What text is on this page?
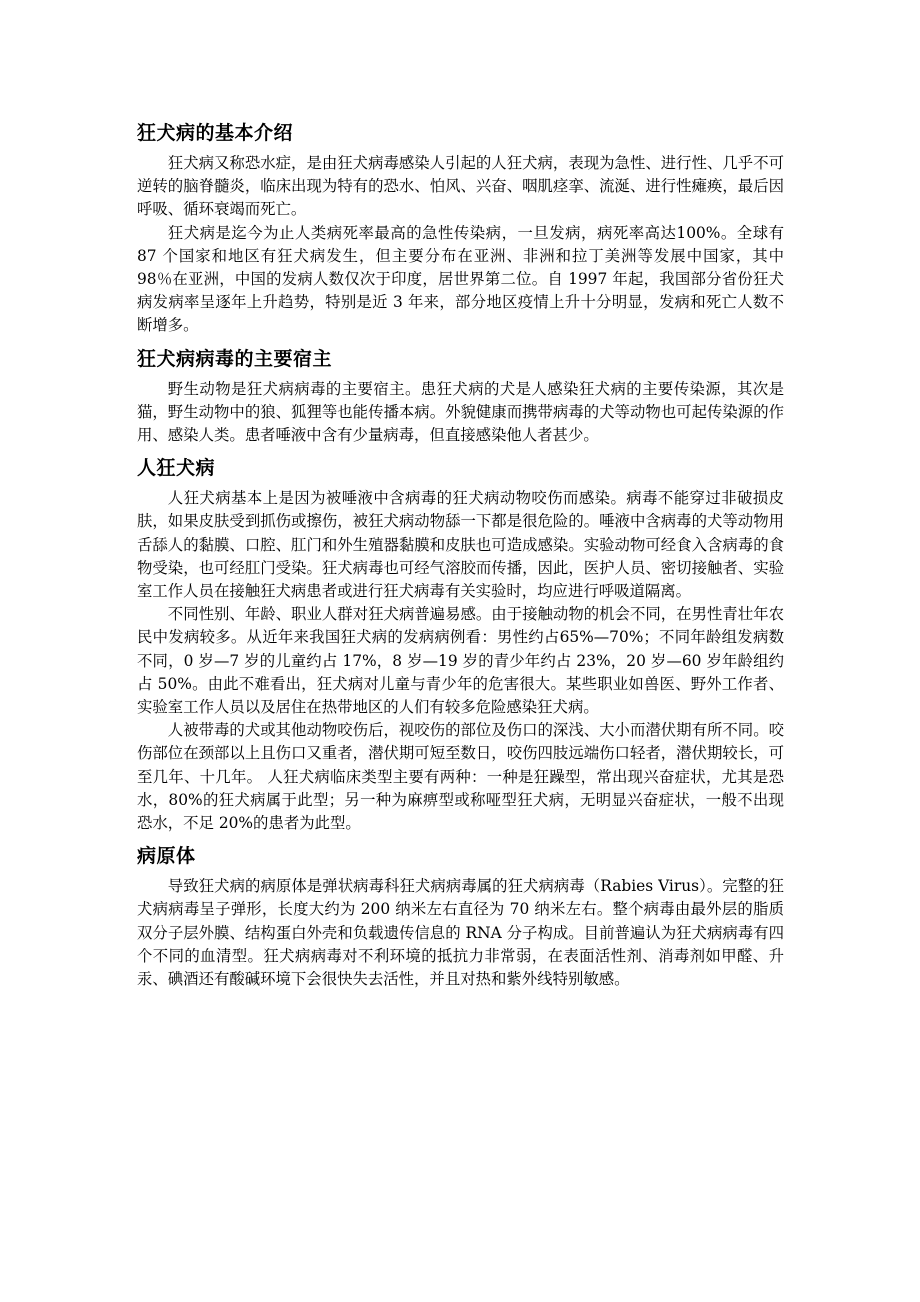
狂犬病的基本介绍

狂犬病又称恐水症，是由狂犬病毒感染人引起的人狂犬病，表现为急性、进行性、几乎不可逆转的脑脊髓炎，临床出现为特有的恐水、怕风、兴奋、咽肌痉挛、流涎、进行性瘫痪，最后因呼吸、循环衰竭而死亡。

狂犬病是迄今为止人类病死率最高的急性传染病，一旦发病，病死率高达100%。全球有 87 个国家和地区有狂犬病发生，但主要分布在亚洲、非洲和拉丁美洲等发展中国家，其中 98％在亚洲，中国的发病人数仅次于印度，居世界第二位。自 1997 年起，我国部分省份狂犬病发病率呈逐年上升趋势，特别是近 3 年来，部分地区疫情上升十分明显，发病和死亡人数不断增多。

狂犬病病毒的主要宿主

野生动物是狂犬病病毒的主要宿主。患狂犬病的犬是人感染狂犬病的主要传染源，其次是猫，野生动物中的狼、狐狸等也能传播本病。外貌健康而携带病毒的犬等动物也可起传染源的作用、感染人类。患者唾液中含有少量病毒，但直接感染他人者甚少。

人狂犬病

人狂犬病基本上是因为被唾液中含病毒的狂犬病动物咬伤而感染。病毒不能穿过非破损皮肤，如果皮肤受到抓伤或擦伤，被狂犬病动物舔一下都是很危险的。唾液中含病毒的犬等动物用舌舔人的黏膜、口腔、肛门和外生殖器黏膜和皮肤也可造成感染。实验动物可经食入含病毒的食物受染，也可经肛门受染。狂犬病毒也可经气溶胶而传播，因此，医护人员、密切接触者、实验室工作人员在接触狂犬病患者或进行狂犬病毒有关实验时，均应进行呼吸道隔离。

不同性别、年龄、职业人群对狂犬病普遍易感。由于接触动物的机会不同，在男性青壮年农民中发病较多。从近年来我国狂犬病的发病病例看：男性约占65%—70%；不同年龄组发病数不同，0 岁—7 岁的儿童约占 17%，8 岁—19 岁的青少年约占 23%，20 岁—60 岁年龄组约占 50%。由此不难看出，狂犬病对儿童与青少年的危害很大。某些职业如兽医、野外工作者、实验室工作人员以及居住在热带地区的人们有较多危险感染狂犬病。

人被带毒的犬或其他动物咬伤后，视咬伤的部位及伤口的深浅、大小而潜伏期有所不同。咬伤部位在颈部以上且伤口又重者，潜伏期可短至数日，咬伤四肢远端伤口轻者，潜伏期较长，可至几年、十几年。 人狂犬病临床类型主要有两种：一种是狂躁型，常出现兴奋症状，尤其是恐水，80%的狂犬病属于此型；另一种为麻痹型或称哑型狂犬病，无明显兴奋症状，一般不出现恐水，不足 20%的患者为此型。

病原体

导致狂犬病的病原体是弹状病毒科狂犬病病毒属的狂犬病病毒（Rabies Virus）。完整的狂犬病病毒呈子弹形，长度大约为 200 纳米左右直径为 70 纳米左右。整个病毒由最外层的脂质双分子层外膜、结构蛋白外壳和负载遗传信息的 RNA 分子构成。目前普遍认为狂犬病病毒有四个不同的血清型。狂犬病病毒对不利环境的抵抗力非常弱，在表面活性剂、消毒剂如甲醛、升汞、碘酒还有酸碱环境下会很快失去活性，并且对热和紫外线特别敏感。
